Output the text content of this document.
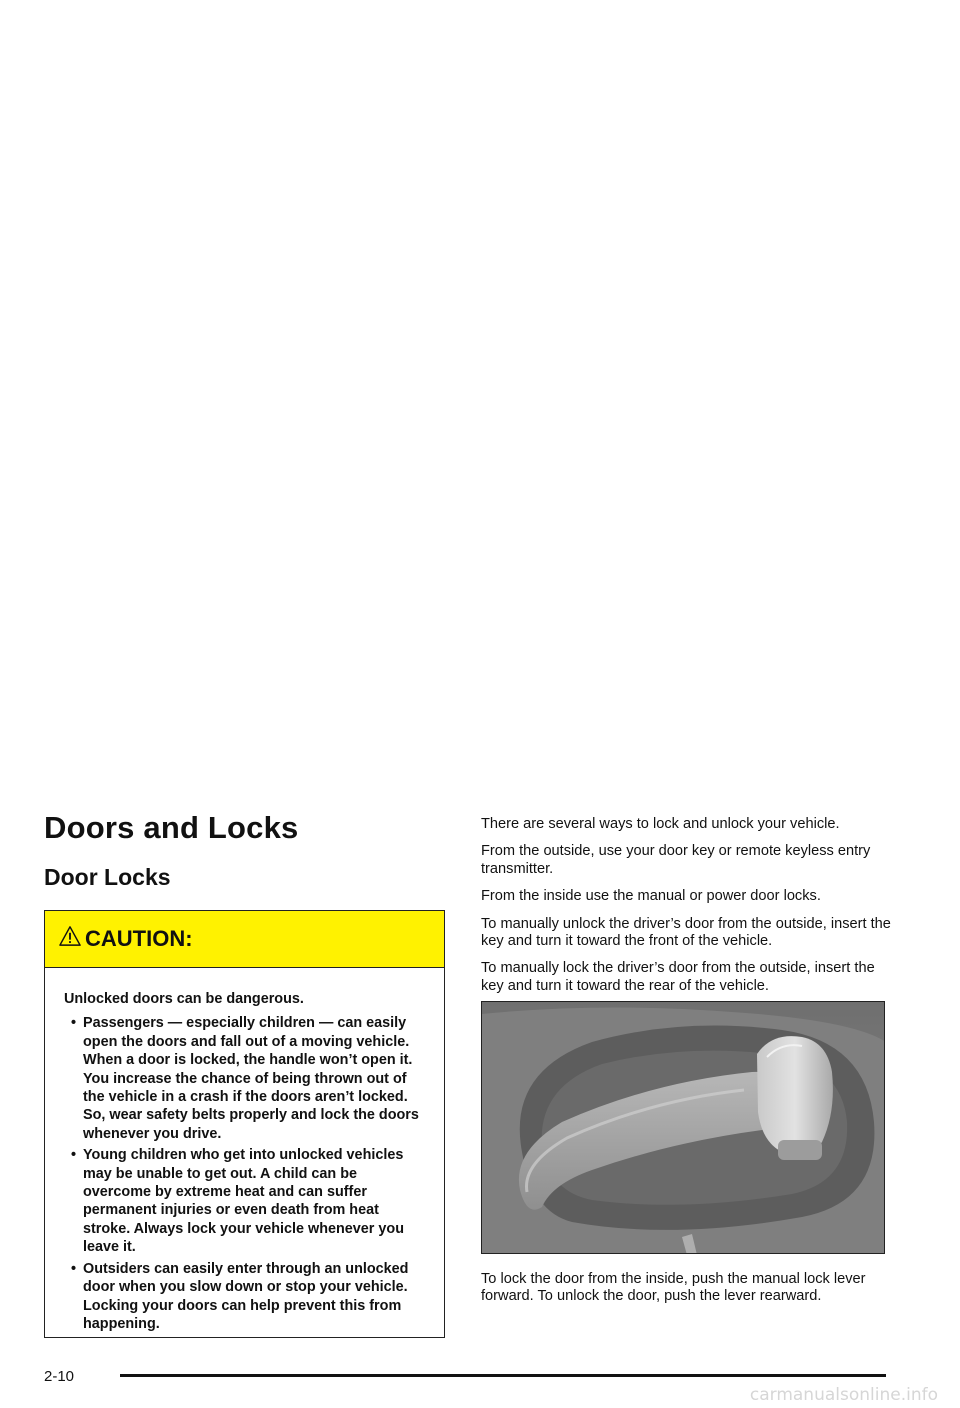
Doors and Locks
Door Locks
CAUTION:

Unlocked doors can be dangerous.

• Passengers — especially children — can easily open the doors and fall out of a moving vehicle. When a door is locked, the handle won’t open it. You increase the chance of being thrown out of the vehicle in a crash if the doors aren’t locked. So, wear safety belts properly and lock the doors whenever you drive.
• Young children who get into unlocked vehicles may be unable to get out. A child can be overcome by extreme heat and can suffer permanent injuries or even death from heat stroke. Always lock your vehicle whenever you leave it.
• Outsiders can easily enter through an unlocked door when you slow down or stop your vehicle. Locking your doors can help prevent this from happening.

There are several ways to lock and unlock your vehicle.

From the outside, use your door key or remote keyless entry transmitter.

From the inside use the manual or power door locks.

To manually unlock the driver’s door from the outside, insert the key and turn it toward the front of the vehicle.

To manually lock the driver’s door from the outside, insert the key and turn it toward the rear of the vehicle.

To lock the door from the inside, push the manual lock lever forward. To unlock the door, push the lever rearward.

2-10
carmanualsonline.info
